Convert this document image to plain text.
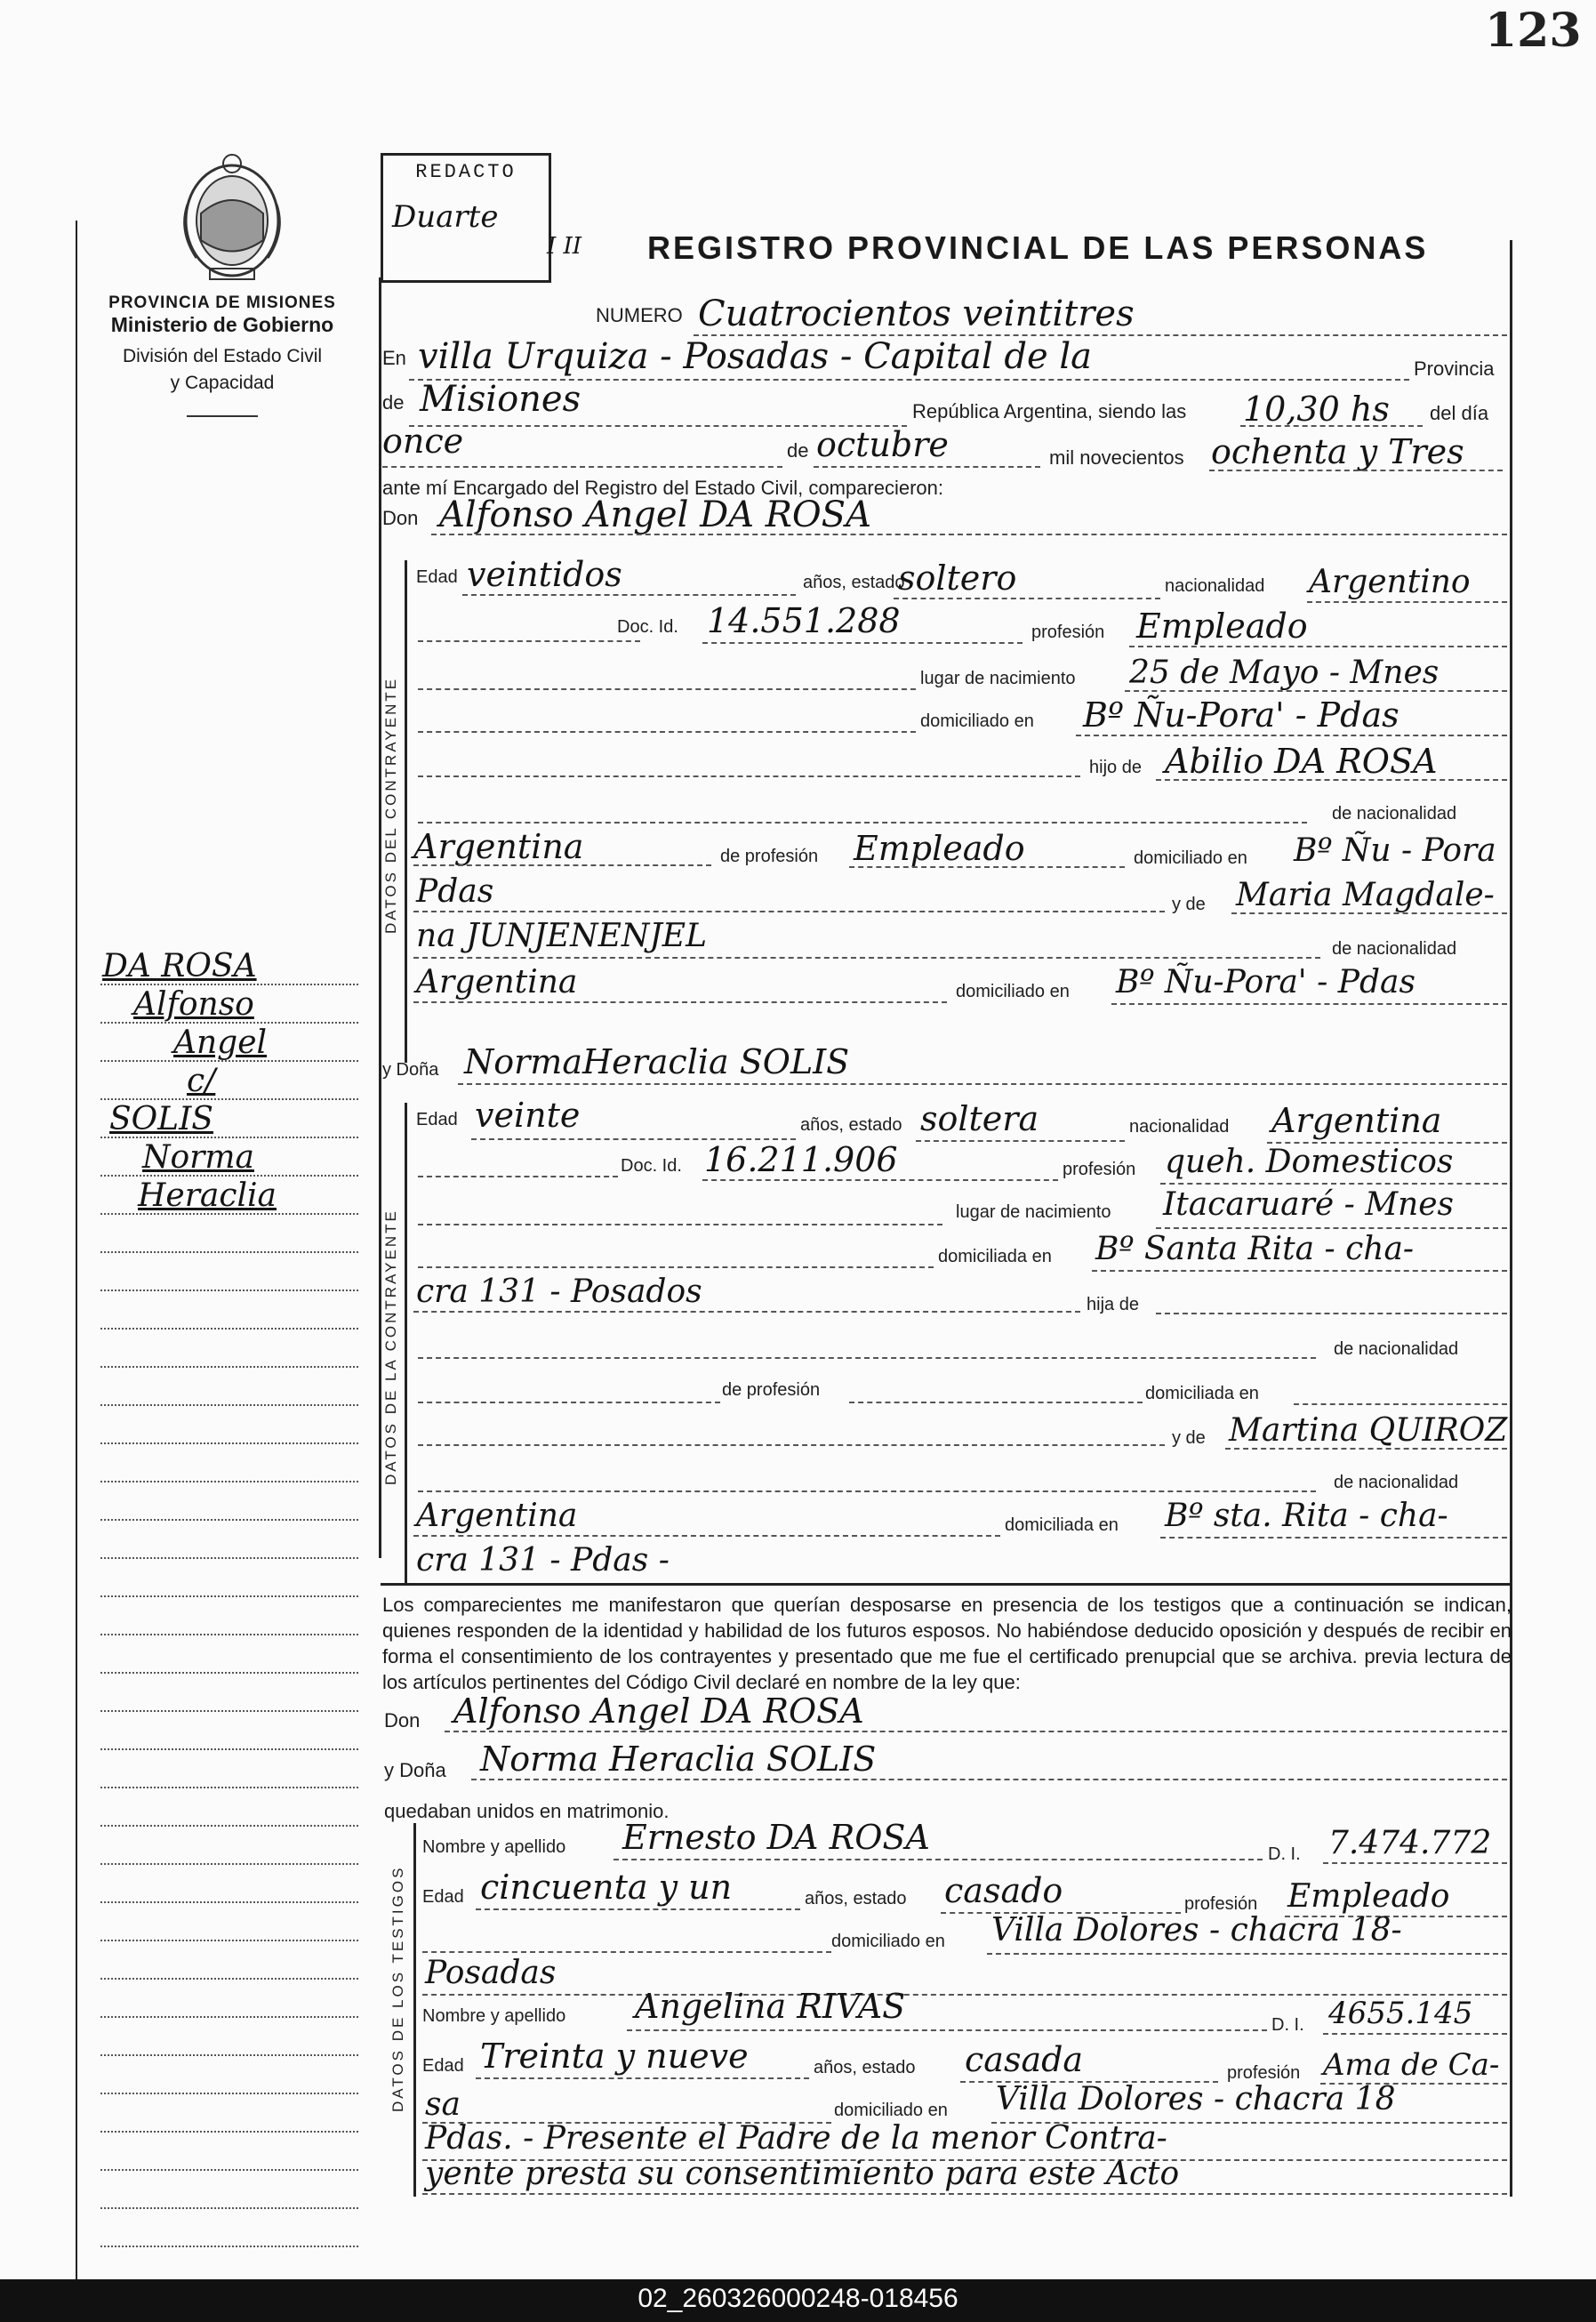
123
PROVINCIA DE MISIONES
Ministerio de Gobierno
División del Estado Civil
y Capacidad
REDACTO
Duarte
I II REGISTRO PROVINCIAL DE LAS PERSONAS
NUMERO Cuatrocientos veintitres
En villa Urquiza - Posadas - Capital de la	Provincia
de Misiones	República Argentina, siendo las 10,30 hs del día
once	de octubre	mil novecientos ochenta y Tres
ante mí Encargado del Registro del Estado Civil, comparecieron:
Don Alfonso Angel DA ROSA
DATOS DEL CONTRAYENTE
Edad veintidos	años, estado
soltero	nacionalidad Argentino
Doc. Id. 14.551.288	profesión Empleado
lugar de nacimiento 25 de Mayo - Mnes
domiciliado en Bº Ñu-Pora' - Pdas
hijo de Abilio DA ROSA
de nacionalidad
Argentina	de profesión Empleado	domiciliado en Bº Ñu - Pora
Pdas	y de Maria Magdale-
na JUNJENENJEL	de nacionalidad
Argentina	domiciliado en Bº Ñu-Pora' - Pdas
y Doña NormaHeraclia SOLIS
DATOS DE LA CONTRAYENTE
Edad veinte	años, estado soltera	nacionalidad Argentina
Doc. Id. 16.211.906	profesión queh. Domesticos
lugar de nacimiento Itacaruaré - Mnes
domiciliada en Bº Santa Rita - cha-
cra 131 - Posados	hija de
de nacionalidad
de profesión	domiciliada en
y de Martina QUIROZ
de nacionalidad
Argentina	domiciliada en Bº sta. Rita - cha-
cra 131 - Pdas -
Los comparecientes me manifestaron que querían desposarse en presencia de los testigos que a continuación se indican, quienes responden de la identidad y habilidad de los futuros esposos. No habiéndose deducido oposición y después de recibir en forma el consentimiento de los contrayentes y presentado que me fue el certificado prenupcial que se archiva. previa lectura de los artículos pertinentes del Código Civil declaré en nombre de la ley que:
Don Alfonso Angel DA ROSA
y Doña Norma Heraclia SOLIS
quedaban unidos en matrimonio.
DATOS DE LOS TESTIGOS
Nombre y apellido Ernesto DA ROSA	D. I. 7.474.772
Edad cincuenta y un	años, estado casado	profesión Empleado
domiciliado en Villa Dolores - chacra 18-
Posadas
Nombre y apellido Angelina RIVAS	D. I. 4655.145
Edad Treinta y nueve	años, estado casada	profesión Ama de Ca-
sa	domiciliado en Villa Dolores - chacra 18
Pdas. - Presente el Padre de la menor Contra-
yente presta su consentimiento para este Acto
DA ROSA
Alfonso
Angel
c/
SOLIS
Norma
Heraclia
02_260326000248-018456
